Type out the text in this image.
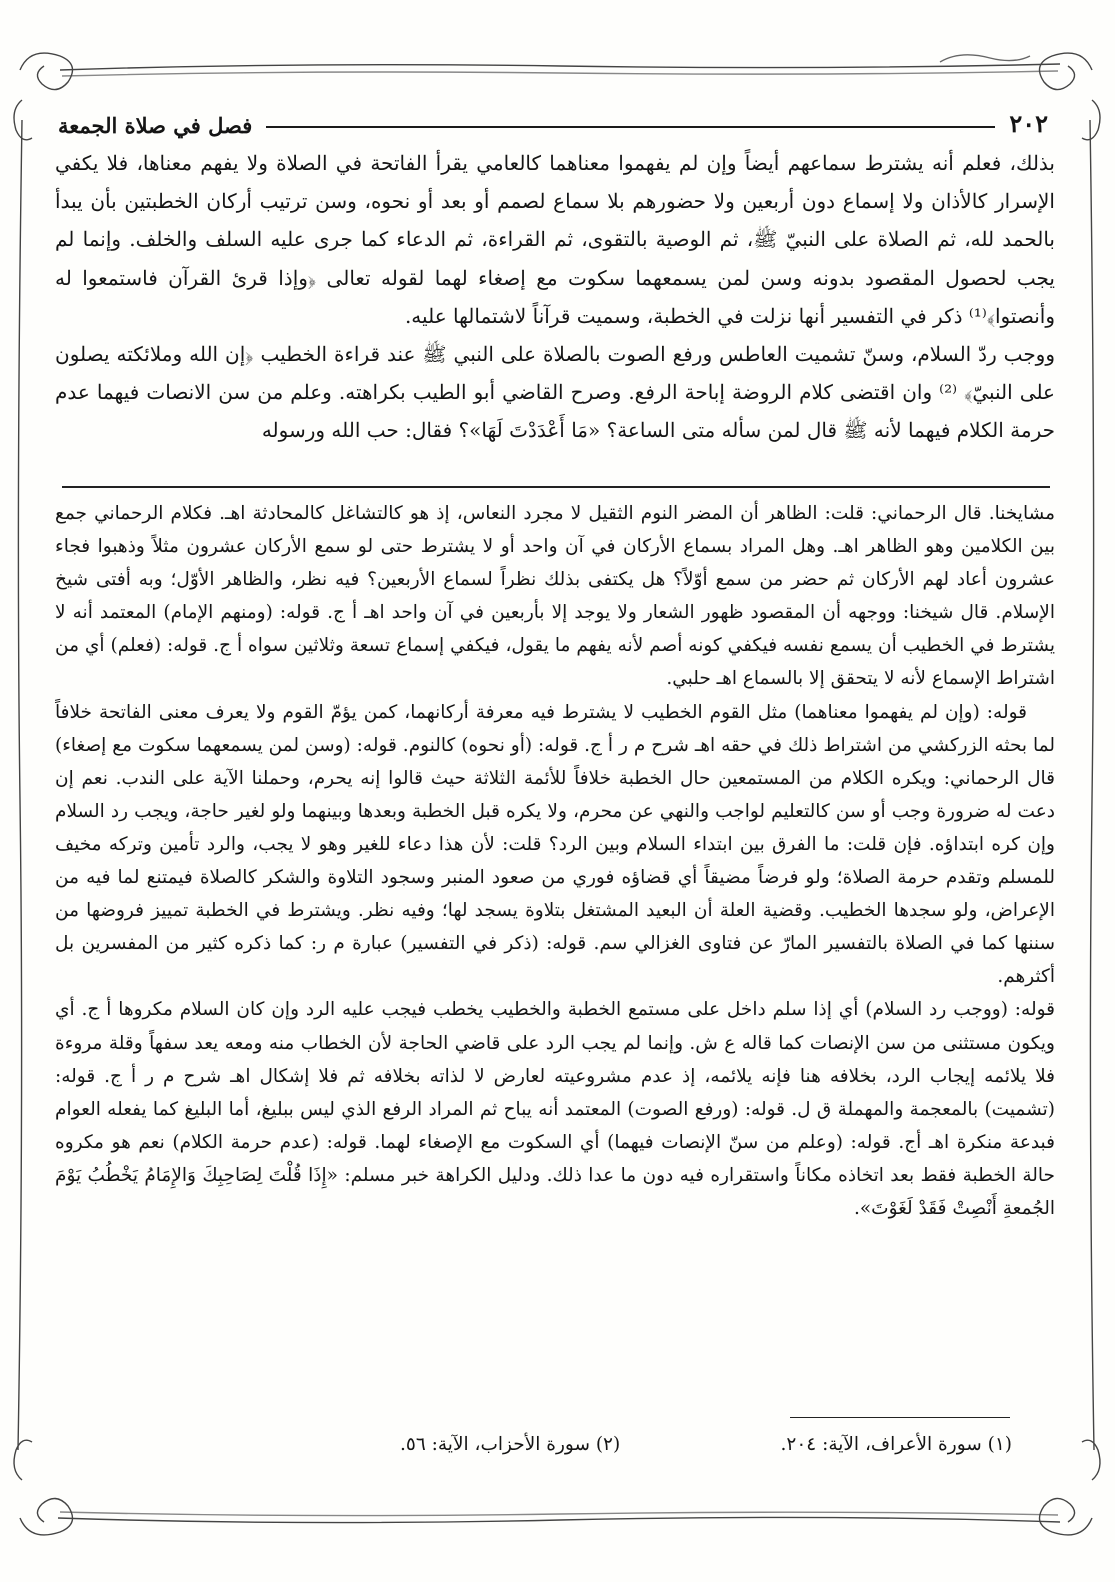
٢٠٢
فصل في صلاة الجمعة

بذلك، فعلم أنه يشترط سماعهم أيضاً وإن لم يفهموا معناهما كالعامي يقرأ الفاتحة في الصلاة ولا يفهم معناها، فلا يكفي الإسرار كالأذان ولا إسماع دون أربعين ولا حضورهم بلا سماع لصمم أو بعد أو نحوه، وسن ترتيب أركان الخطبتين بأن يبدأ بالحمد لله، ثم الصلاة على النبيّ ﷺ، ثم الوصية بالتقوى، ثم القراءة، ثم الدعاء كما جرى عليه السلف والخلف. وإنما لم يجب لحصول المقصود بدونه وسن لمن يسمعهما سكوت مع إصغاء لهما لقوله تعالى ﴿وإذا قرئ القرآن فاستمعوا له وأنصتوا﴾⁽¹⁾ ذكر في التفسير أنها نزلت في الخطبة، وسميت قرآناً لاشتمالها عليه.

ووجب ردّ السلام، وسنّ تشميت العاطس ورفع الصوت بالصلاة على النبي ﷺ عند قراءة الخطيب ﴿إن الله وملائكته يصلون على النبيّ﴾ ⁽²⁾ وان اقتضى كلام الروضة إباحة الرفع. وصرح القاضي أبو الطيب بكراهته. وعلم من سن الانصات فيهما عدم حرمة الكلام فيهما لأنه ﷺ قال لمن سأله متى الساعة؟ «مَا أَعْدَدْتَ لَهَا»؟ فقال: حب الله ورسوله

مشايخنا. قال الرحماني: قلت: الظاهر أن المضر النوم الثقيل لا مجرد النعاس، إذ هو كالتشاغل كالمحادثة اهـ. فكلام الرحماني جمع بين الكلامين وهو الظاهر اهـ. وهل المراد بسماع الأركان في آن واحد أو لا يشترط حتى لو سمع الأركان عشرون مثلاً وذهبوا فجاء عشرون أعاد لهم الأركان ثم حضر من سمع أوّلاً؟ هل يكتفى بذلك نظراً لسماع الأربعين؟ فيه نظر، والظاهر الأوّل؛ وبه أفتى شيخ الإسلام. قال شيخنا: ووجهه أن المقصود ظهور الشعار ولا يوجد إلا بأربعين في آن واحد اهـ أ ج. قوله: (ومنهم الإمام) المعتمد أنه لا يشترط في الخطيب أن يسمع نفسه فيكفي كونه أصم لأنه يفهم ما يقول، فيكفي إسماع تسعة وثلاثين سواه أ ج. قوله: (فعلم) أي من اشتراط الإسماع لأنه لا يتحقق إلا بالسماع اهـ حلبي.

قوله: (وإن لم يفهموا معناهما) مثل القوم الخطيب لا يشترط فيه معرفة أركانهما، كمن يؤمّ القوم ولا يعرف معنى الفاتحة خلافاً لما بحثه الزركشي من اشتراط ذلك في حقه اهـ شرح م ر أ ج. قوله: (أو نحوه) كالنوم. قوله: (وسن لمن يسمعهما سكوت مع إصغاء) قال الرحماني: ويكره الكلام من المستمعين حال الخطبة خلافاً للأئمة الثلاثة حيث قالوا إنه يحرم، وحملنا الآية على الندب. نعم إن دعت له ضرورة وجب أو سن كالتعليم لواجب والنهي عن محرم، ولا يكره قبل الخطبة وبعدها وبينهما ولو لغير حاجة، ويجب رد السلام وإن كره ابتداؤه. فإن قلت: ما الفرق بين ابتداء السلام وبين الرد؟ قلت: لأن هذا دعاء للغير وهو لا يجب، والرد تأمين وتركه مخيف للمسلم وتقدم حرمة الصلاة؛ ولو فرضاً مضيقاً أي قضاؤه فوري من صعود المنبر وسجود التلاوة والشكر كالصلاة فيمتنع لما فيه من الإعراض، ولو سجدها الخطيب. وقضية العلة أن البعيد المشتغل بتلاوة يسجد لها؛ وفيه نظر. ويشترط في الخطبة تمييز فروضها من سننها كما في الصلاة بالتفسير المارّ عن فتاوى الغزالي سم. قوله: (ذكر في التفسير) عبارة م ر: كما ذكره كثير من المفسرين بل أكثرهم.

قوله: (ووجب رد السلام) أي إذا سلم داخل على مستمع الخطبة والخطيب يخطب فيجب عليه الرد وإن كان السلام مكروها أ ج. أي ويكون مستثنى من سن الإنصات كما قاله ع ش. وإنما لم يجب الرد على قاضي الحاجة لأن الخطاب منه ومعه يعد سفهاً وقلة مروءة فلا يلائمه إيجاب الرد، بخلافه هنا فإنه يلائمه، إذ عدم مشروعيته لعارض لا لذاته بخلافه ثم فلا إشكال اهـ شرح م ر أ ج. قوله: (تشميت) بالمعجمة والمهملة ق ل. قوله: (ورفع الصوت) المعتمد أنه يباح ثم المراد الرفع الذي ليس ببليغ، أما البليغ كما يفعله العوام فبدعة منكرة اهـ أج. قوله: (وعلم من سنّ الإنصات فيهما) أي السكوت مع الإصغاء لهما. قوله: (عدم حرمة الكلام) نعم هو مكروه حالة الخطبة فقط بعد اتخاذه مكاناً واستقراره فيه دون ما عدا ذلك. ودليل الكراهة خبر مسلم: «إِذَا قُلْتَ لِصَاحِبِكَ وَالإِمَامُ يَخْطُبُ يَوْمَ الجُمعةِ أَنْصِتْ فَقَدْ لَغَوْتَ».

(١) سورة الأعراف، الآية: ٢٠٤.
(٢) سورة الأحزاب، الآية: ٥٦.
